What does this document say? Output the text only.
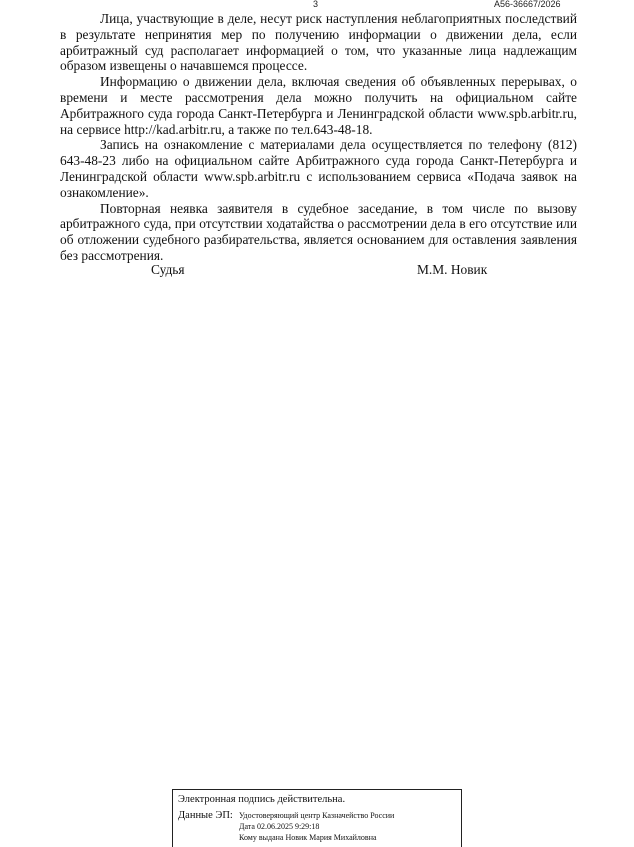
3	А56-36667/2026

Лица, участвующие в деле, несут риск наступления неблагоприятных последствий в результате непринятия мер по получению информации о движении дела, если арбитражный суд располагает информацией о том, что указанные лица надлежащим образом извещены о начавшемся процессе.

Информацию о движении дела, включая сведения об объявленных перерывах, о времени и месте рассмотрения дела можно получить на официальном сайте Арбитражного суда города Санкт-Петербурга и Ленинградской области www.spb.arbitr.ru, на сервисе http://kad.arbitr.ru, а также по тел.643-48-18.

Запись на ознакомление с материалами дела осуществляется по телефону (812) 643-48-23 либо на официальном сайте Арбитражного суда города Санкт-Петербурга и Ленинградской области www.spb.arbitr.ru с использованием сервиса «Подача заявок на ознакомление».

Повторная неявка заявителя в судебное заседание, в том числе по вызову арбитражного суда, при отсутствии ходатайства о рассмотрении дела в его отсутствие или об отложении судебного разбирательства, является основанием для оставления заявления без рассмотрения.

Судья	М.М. Новик
Электронная подпись действительна.
Данные ЭП: Удостоверяющий центр Казначейство России
Дата 02.06.2025 9:29:18
Кому выдана Новик Мария Михайловна
